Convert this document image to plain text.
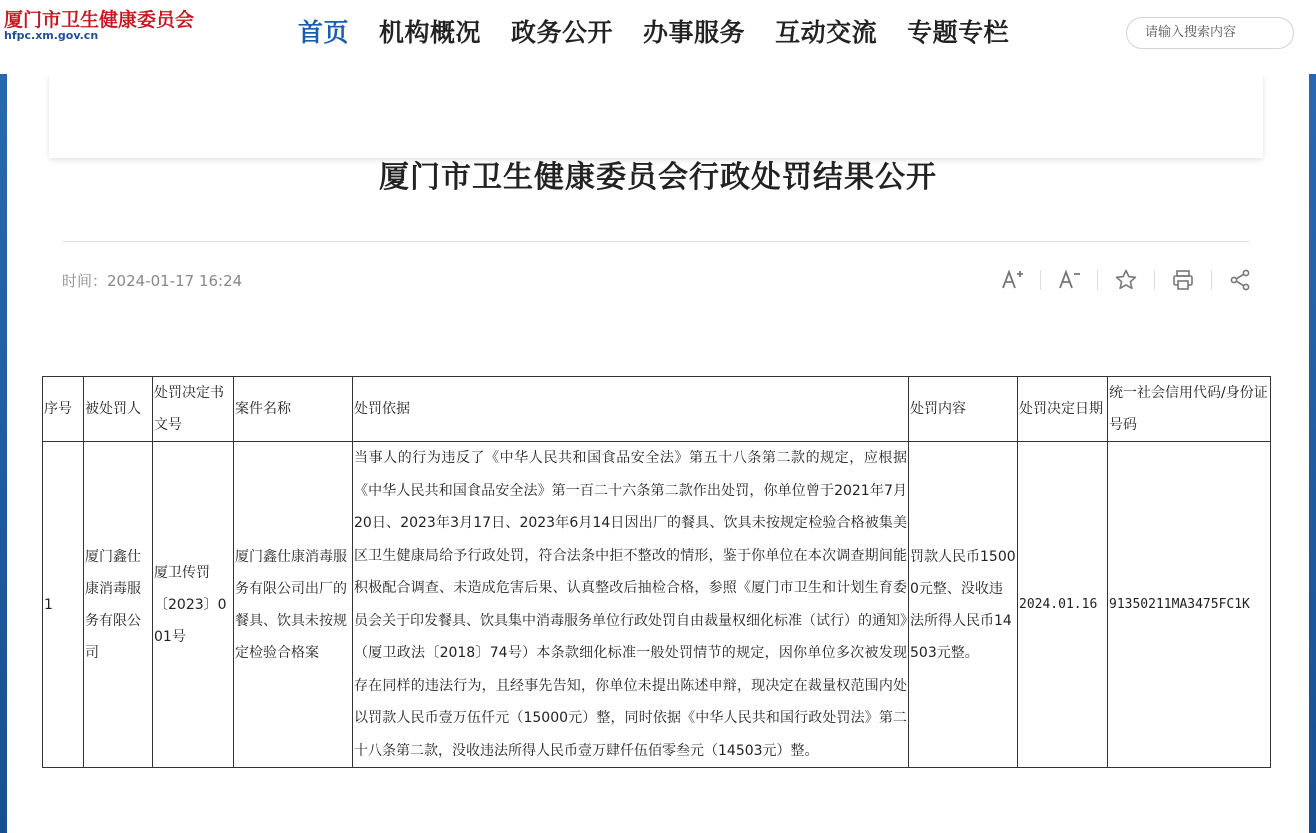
厦门市卫生健康委员会
hfpc.xm.gov.cn	首页 机构概况 政务公开 办事服务 互动交流 专题专栏	请输入搜索内容
厦门市卫生健康委员会行政处罚结果公开
时间：2024-01-17 16:24
序号	被处罚人	处罚决定书文号	案件名称	处罚依据	处罚内容	处罚决定日期	统一社会信用代码/身份证号码
1	厦门鑫仕康消毒服务有限公司	厦卫传罚〔2023〕001号	厦门鑫仕康消毒服务有限公司出厂的餐具、饮具未按规定检验合格案	当事人的行为违反了《中华人民共和国食品安全法》第五十八条第二款的规定，应根据《中华人民共和国食品安全法》第一百二十六条第二款作出处罚，你单位曾于2021年7月20日、2023年3月17日、2023年6月14日因出厂的餐具、饮具未按规定检验合格被集美区卫生健康局给予行政处罚，符合法条中拒不整改的情形，鉴于你单位在本次调查期间能积极配合调查、未造成危害后果、认真整改后抽检合格，参照《厦门市卫生和计划生育委员会关于印发餐具、饮具集中消毒服务单位行政处罚自由裁量权细化标准（试行）的通知》（厦卫政法〔2018〕74号）本条款细化标准一般处罚情节的规定，因你单位多次被发现存在同样的违法行为，且经事先告知，你单位未提出陈述申辩，现决定在裁量权范围内处以罚款人民币壹万伍仟元（15000元）整，同时依据《中华人民共和国行政处罚法》第二十八条第二款，没收违法所得人民币壹万肆仟伍佰零叁元（14503元）整。	罚款人民币15000元整、没收违法所得人民币14503元整。	2024.01.16	91350211MA3475FC1K
